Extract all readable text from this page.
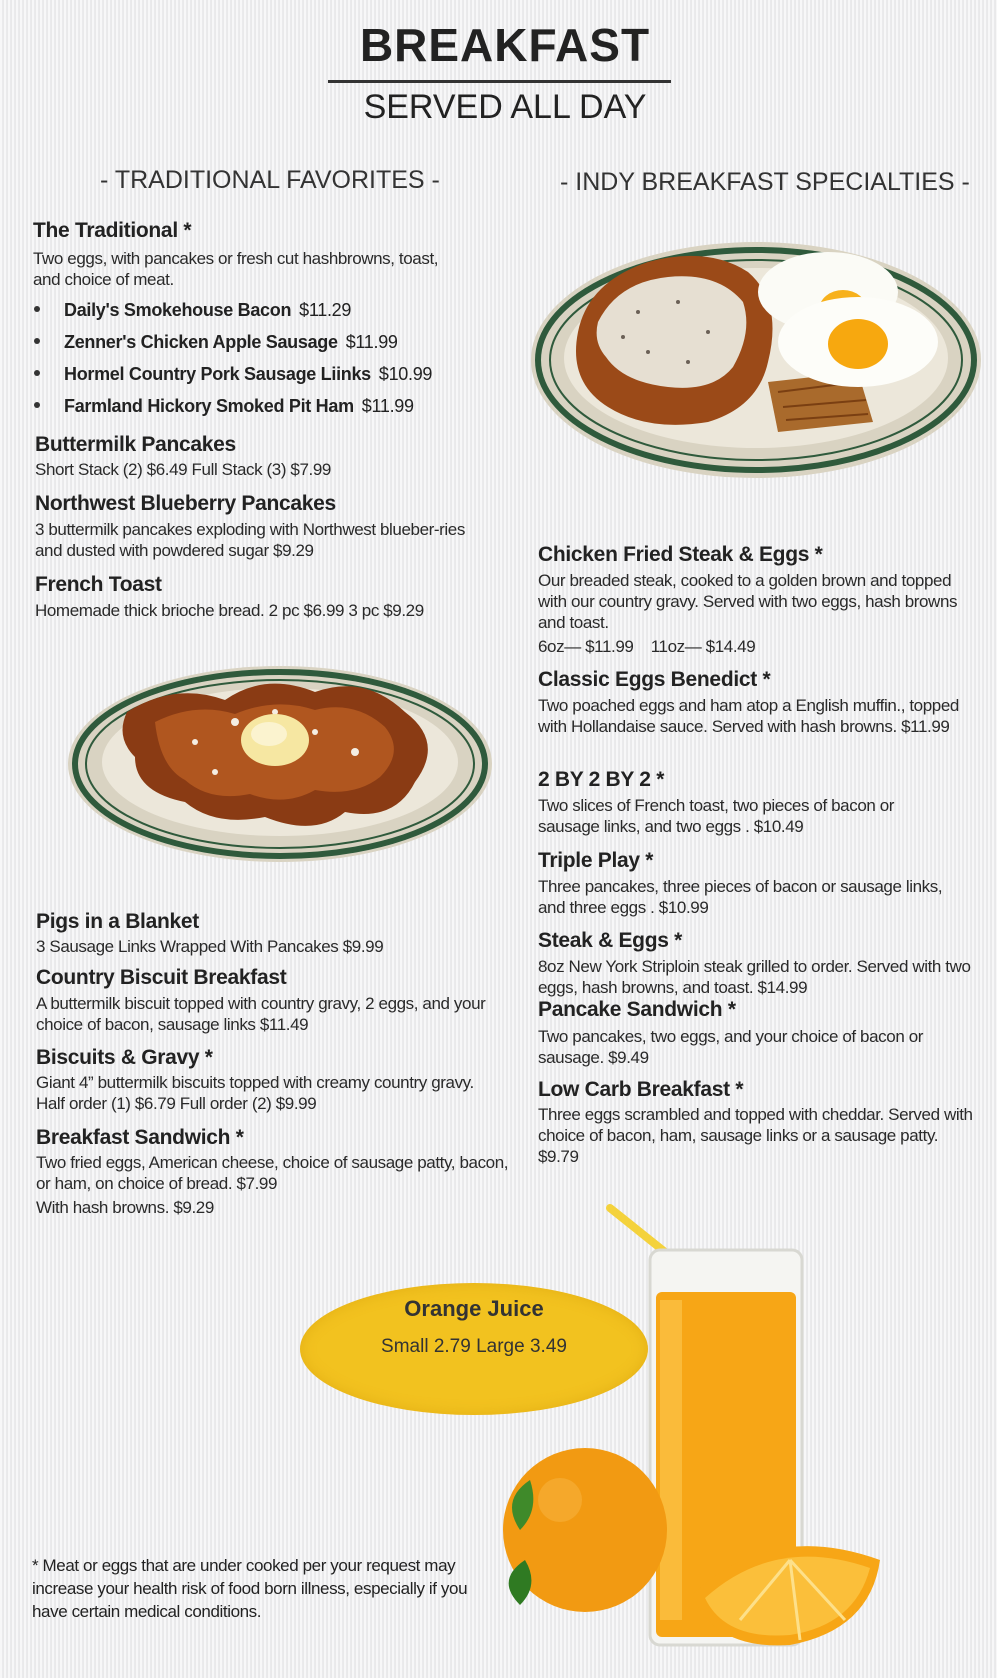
BREAKFAST
SERVED ALL DAY
- TRADITIONAL FAVORITES -	- INDY BREAKFAST SPECIALTIES -
The Traditional *
Two eggs, with pancakes or fresh cut hashbrowns, toast, and choice of meat.
Daily's Smokehouse Bacon $11.29
Zenner's Chicken Apple Sausage $11.99
Hormel Country Pork Sausage Liinks $10.99
Farmland Hickory Smoked Pit Ham $11.99
Buttermilk Pancakes
Short Stack (2) $6.49 Full Stack (3) $7.99
Northwest Blueberry Pancakes
3 buttermilk pancakes exploding with Northwest blueber-ries and dusted with powdered sugar $9.29
French Toast
Homemade thick brioche bread. 2 pc $6.99 3 pc $9.29
Pigs in a Blanket
3 Sausage Links Wrapped With Pancakes $9.99
Country Biscuit Breakfast
A buttermilk biscuit topped with country gravy, 2 eggs, and your choice of bacon, sausage links $11.49
Biscuits & Gravy *
Giant 4” buttermilk biscuits topped with creamy country gravy. Half order (1) $6.79 Full order (2) $9.99
Breakfast Sandwich *
Two fried eggs, American cheese, choice of sausage patty, bacon, or ham, on choice of bread. $7.99
With hash browns. $9.29
Chicken Fried Steak & Eggs *
Our breaded steak, cooked to a golden brown and topped with our country gravy. Served with two eggs, hash browns and toast.
6oz— $11.99    11oz— $14.49
Classic Eggs Benedict *
Two poached eggs and ham atop a English muffin., topped with Hollandaise sauce. Served with hash browns. $11.99
2 BY 2 BY 2 *
Two slices of French toast, two pieces of bacon or sausage links, and two eggs . $10.49
Triple Play *
Three pancakes, three pieces of bacon or sausage links, and three eggs . $10.99
Steak & Eggs *
8oz New York Striploin steak grilled to order. Served with two eggs, hash browns, and toast. $14.99
Pancake Sandwich *
Two pancakes, two eggs, and your choice of bacon or sausage. $9.49
Low Carb Breakfast *
Three eggs scrambled and topped with cheddar. Served with choice of bacon, ham, sausage links or a sausage patty. $9.79
Orange Juice
Small 2.79 Large 3.49
* Meat or eggs that are under cooked per your request may increase your health risk of food born illness, especially if you have certain medical conditions.
